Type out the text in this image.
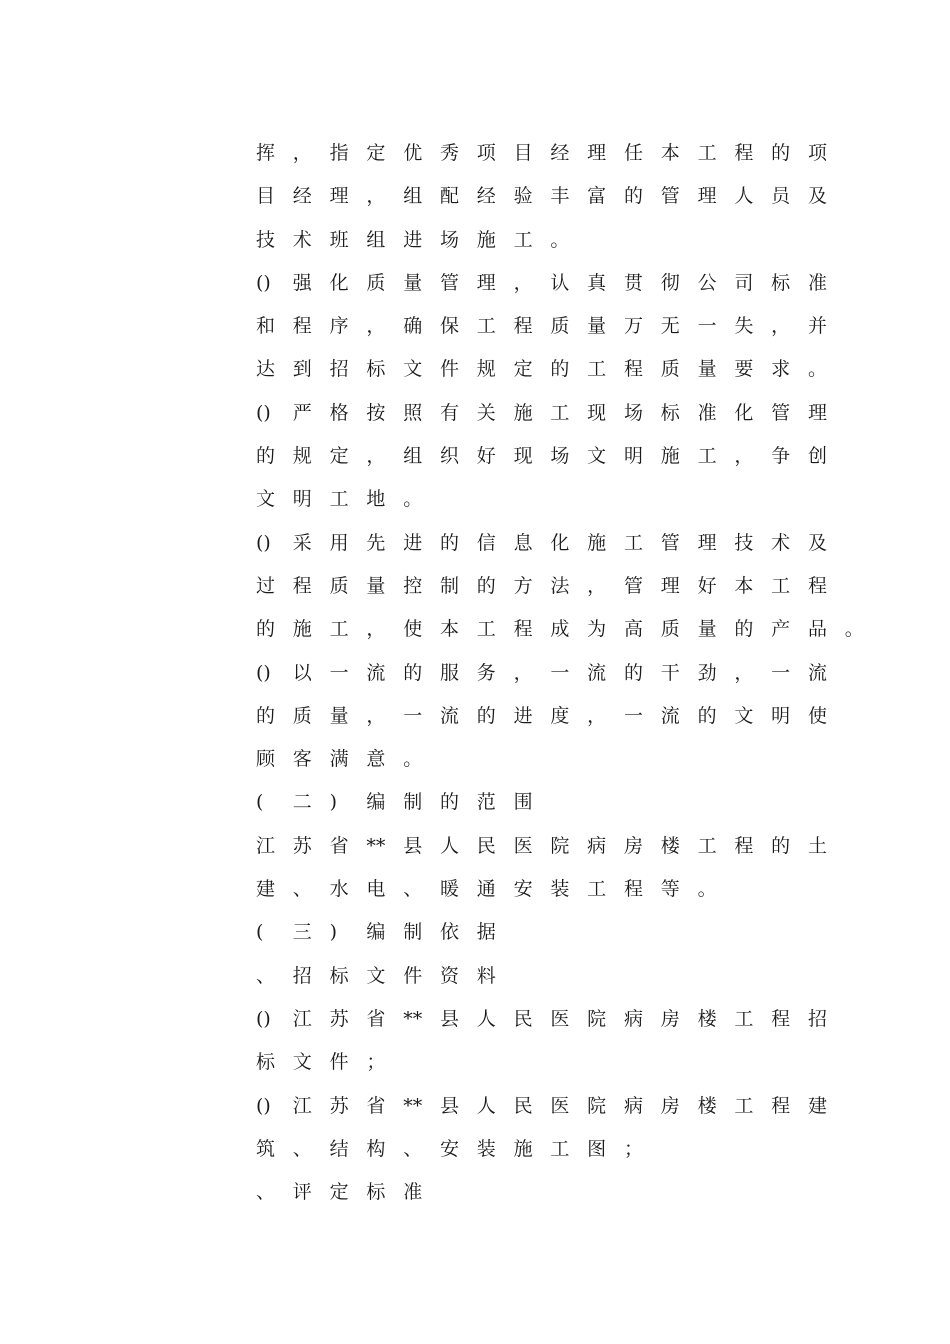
挥 ， 指 定 优 秀 项 目 经 理 任 本 工 程 的 项
目 经 理 ， 组 配 经 验 丰 富 的 管 理 人 员 及
技 术 班 组 进 场 施 工 。
() 强 化 质 量 管 理 ， 认 真 贯 彻 公 司 标 准
和 程 序 ， 确 保 工 程 质 量 万 无 一 失 ， 并
达 到 招 标 文 件 规 定 的 工 程 质 量 要 求 。
() 严 格 按 照 有 关 施 工 现 场 标 准 化 管 理
的 规 定 ， 组 织 好 现 场 文 明 施 工 ， 争 创
文 明 工 地 。
() 采 用 先 进 的 信 息 化 施 工 管 理 技 术 及
过 程 质 量 控 制 的 方 法 ， 管 理 好 本 工 程
的 施 工 ， 使 本 工 程 成 为 高 质 量 的 产 品 。
() 以 一 流 的 服 务 ， 一 流 的 干 劲 ， 一 流
的 质 量 ， 一 流 的 进 度 ， 一 流 的 文 明 使
顾 客 满 意 。
( 二 ) 编 制 的 范 围
江 苏 省 ** 县 人 民 医 院 病 房 楼 工 程 的 土
建 、 水 电 、 暖 通 安 装 工 程 等 。
( 三 ) 编 制 依 据
、 招 标 文 件 资 料
() 江 苏 省 ** 县 人 民 医 院 病 房 楼 工 程 招
标 文 件 ；
() 江 苏 省 ** 县 人 民 医 院 病 房 楼 工 程 建
筑 、 结 构 、 安 装 施 工 图 ；
、 评 定 标 准
